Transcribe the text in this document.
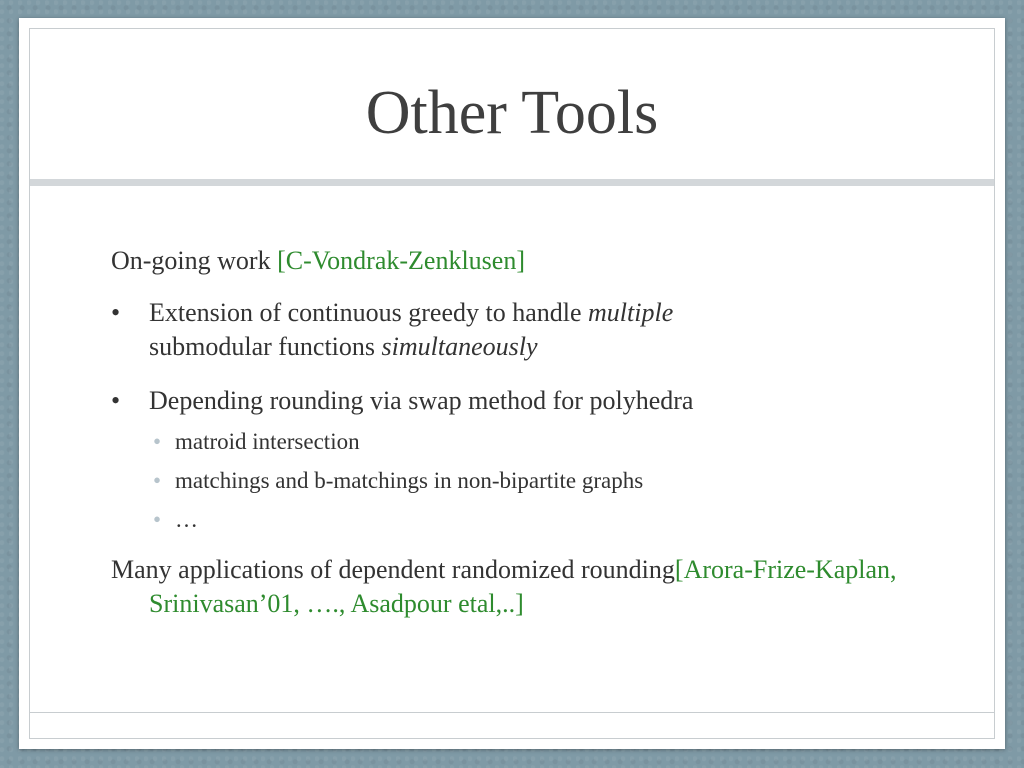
Other Tools

On-going work [C-Vondrak-Zenklusen]

• Extension of continuous greedy to handle multiple
submodular functions simultaneously
• Depending rounding via swap method for polyhedra
• matroid intersection
• matchings and b-matchings in non-bipartite graphs
• …

Many applications of dependent randomized rounding[Arora-Frize-Kaplan, Srinivasan’01, …., Asadpour etal,..]
